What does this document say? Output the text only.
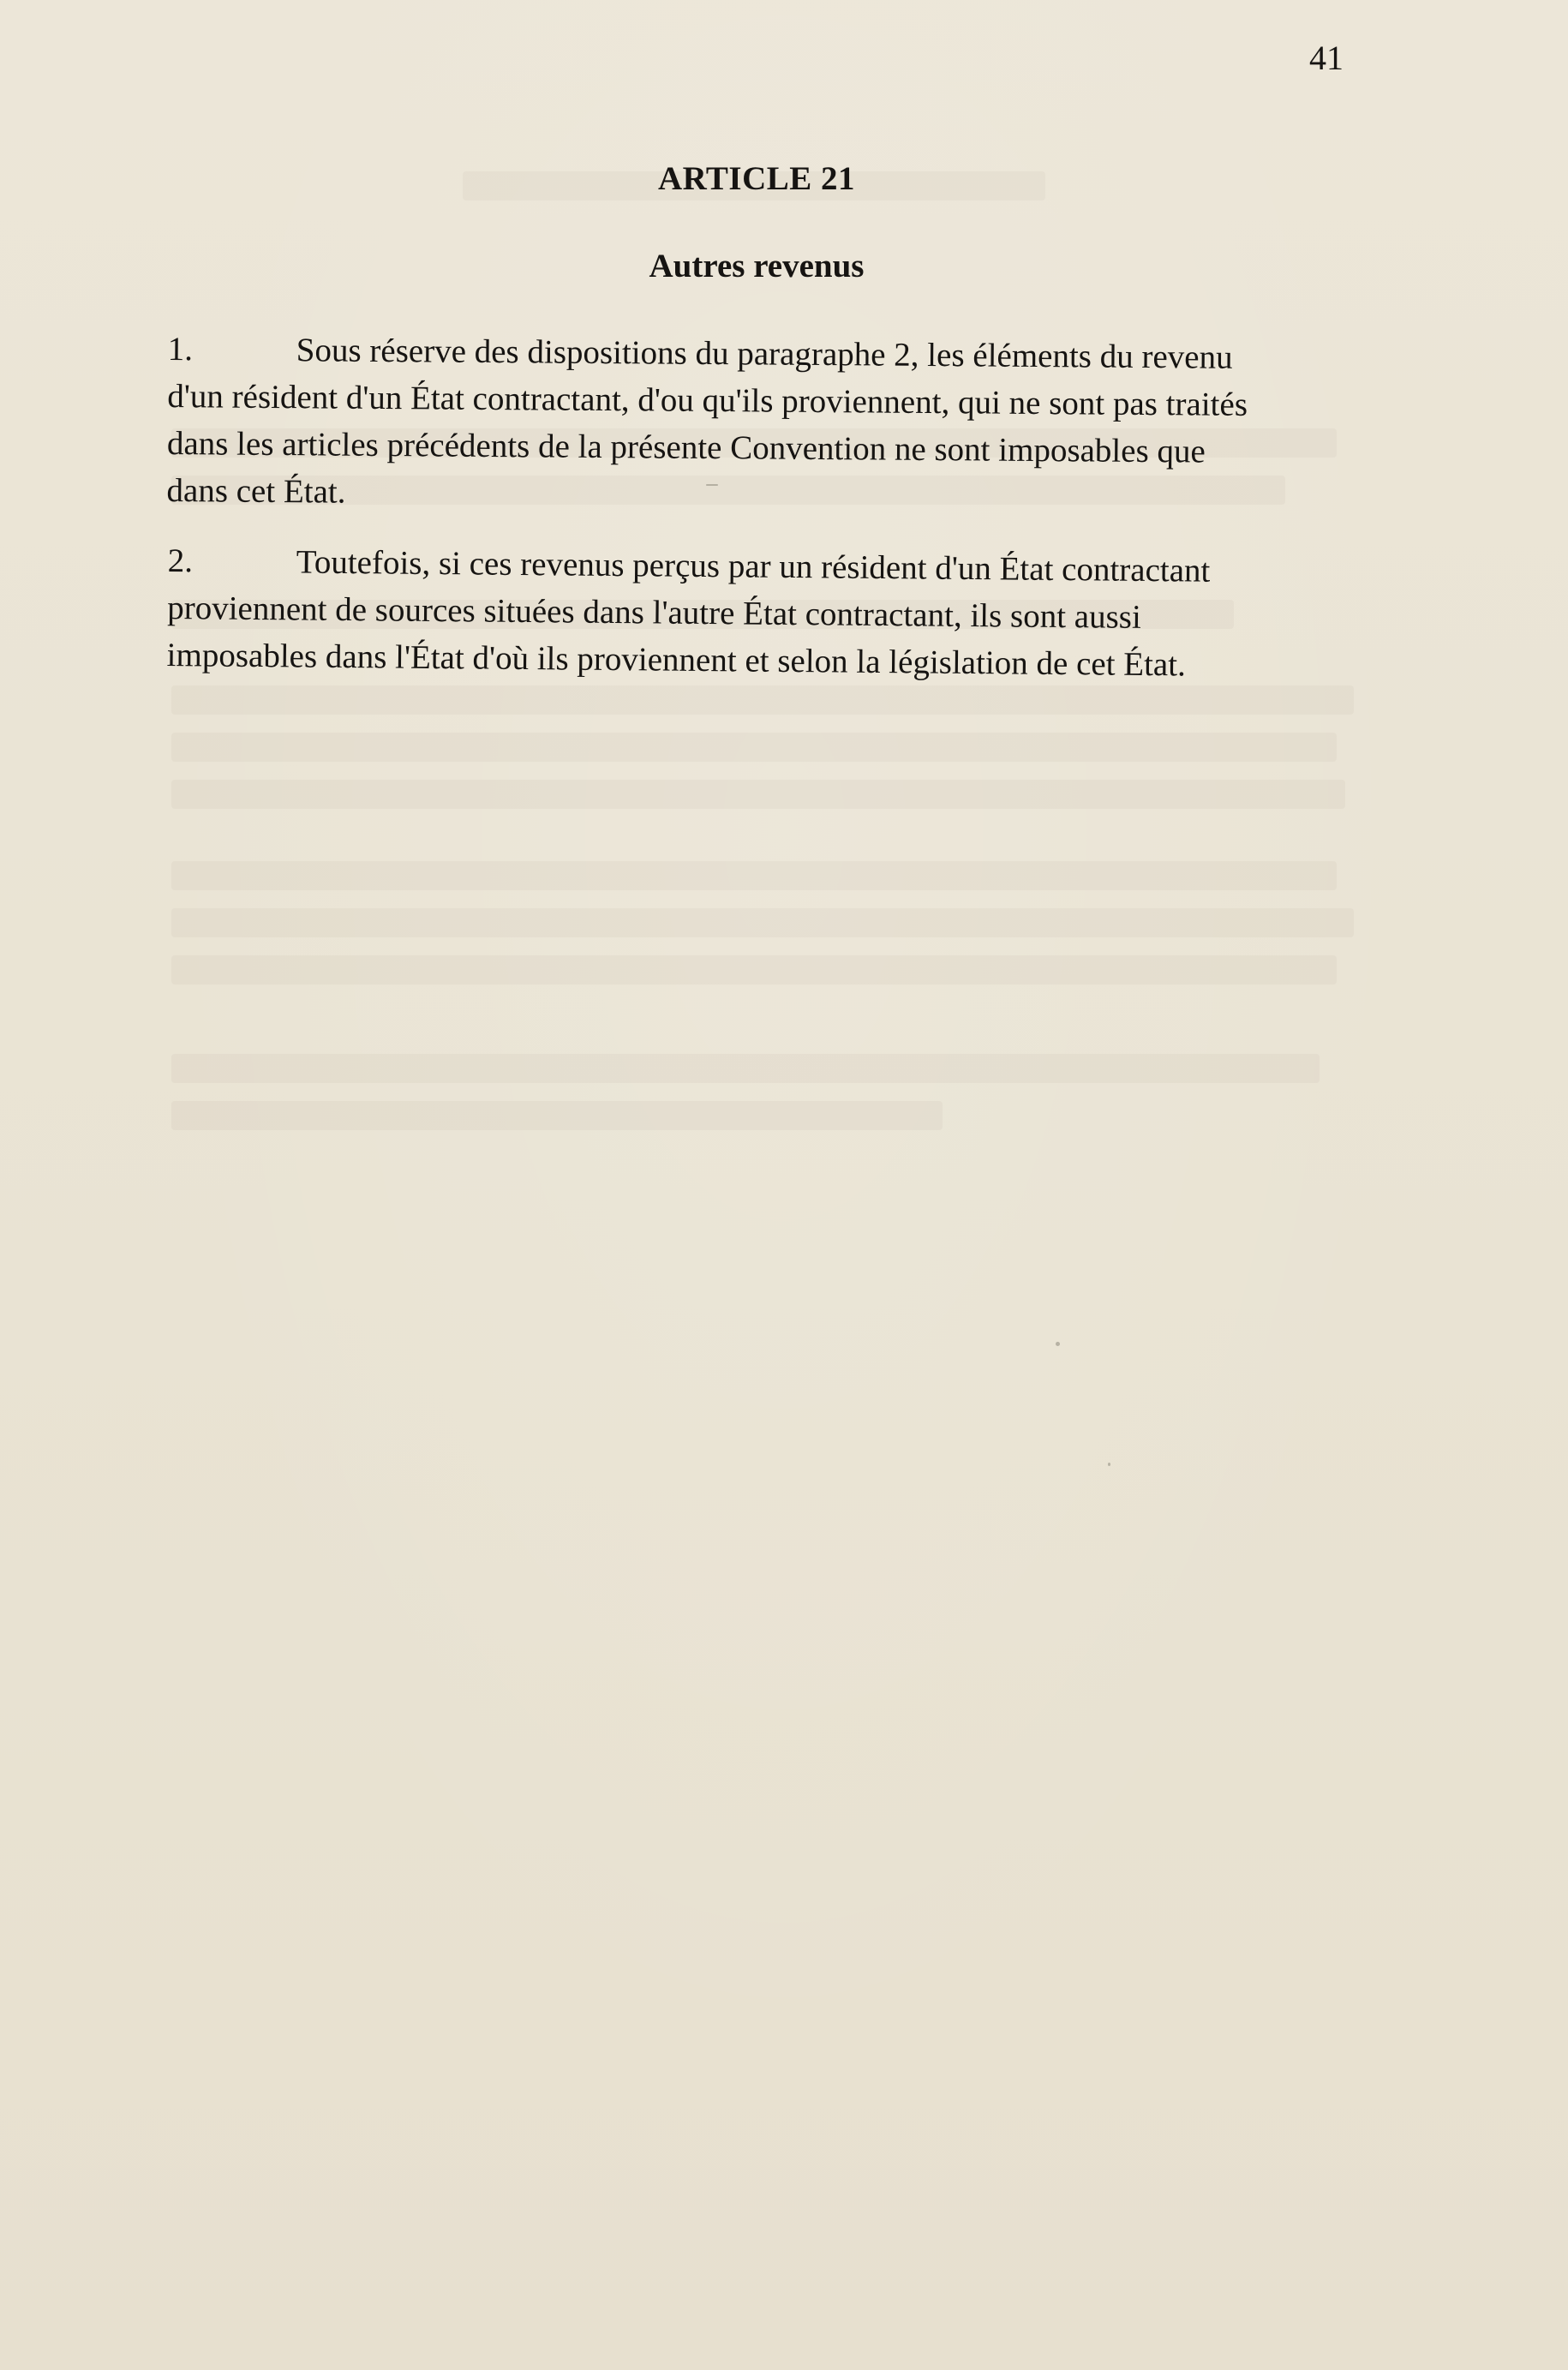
41
ARTICLE 21
Autres revenus
1.	Sous réserve des dispositions du paragraphe 2, les éléments du revenu
d'un résident d'un État contractant, d'ou qu'ils proviennent, qui ne sont pas traités
dans les articles précédents de la présente Convention ne sont imposables que
dans cet État.
2.	Toutefois, si ces revenus perçus par un résident d'un État contractant
proviennent de sources situées dans l'autre État contractant, ils sont aussi
imposables dans l'État d'où ils proviennent et selon la législation de cet État.
